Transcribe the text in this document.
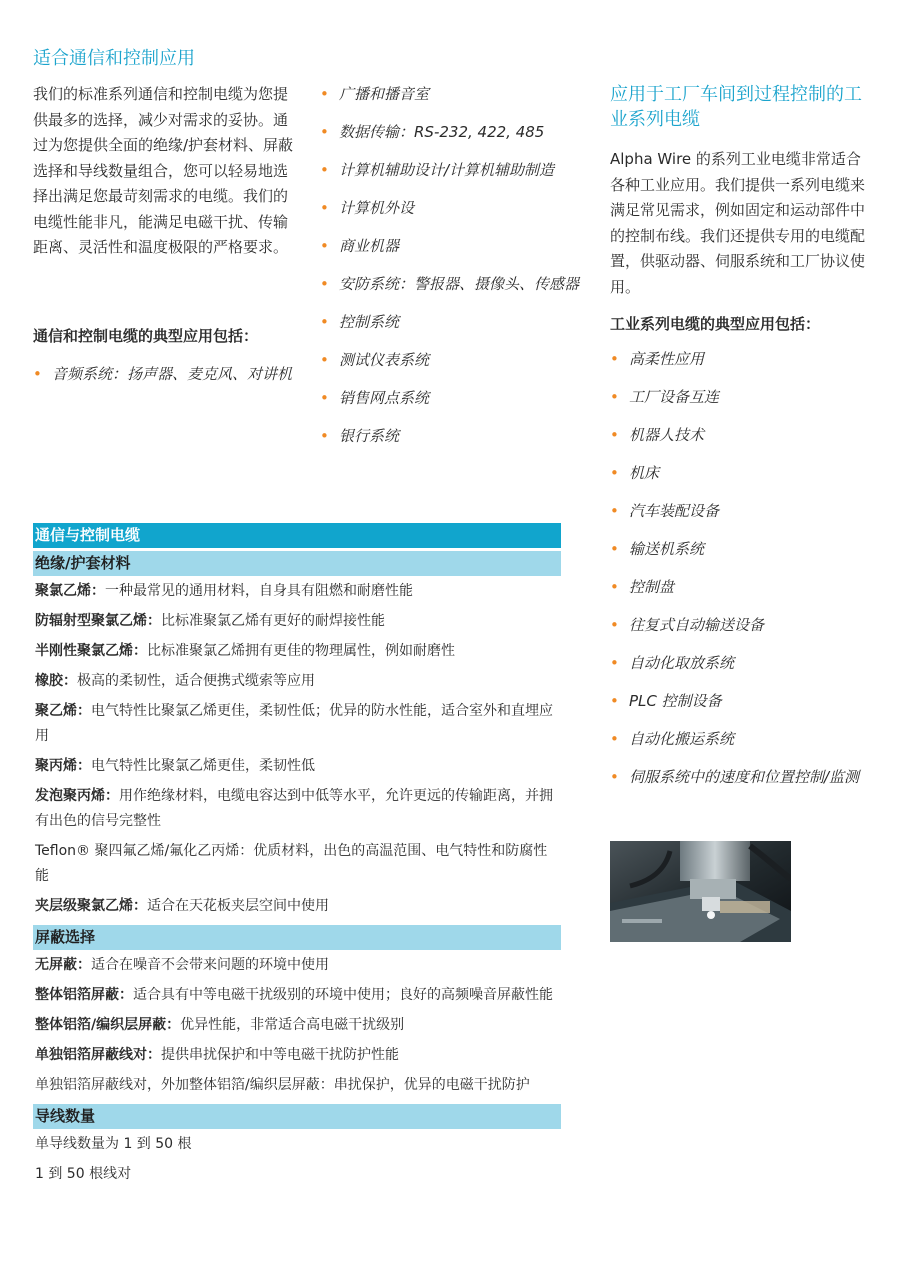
适合通信和控制应用
我们的标准系列通信和控制电缆为您提供最多的选择，减少对需求的妥协。通过为您提供全面的绝缘/护套材料、屏蔽选择和导线数量组合，您可以轻易地选择出满足您最苛刻需求的电缆。我们的电缆性能非凡，能满足电磁干扰、传输距离、灵活性和温度极限的严格要求。
通信和控制电缆的典型应用包括：
• 音频系统：扬声器、麦克风、对讲机
• 广播和播音室
• 数据传输：RS-232, 422, 485
• 计算机辅助设计/计算机辅助制造
• 计算机外设
• 商业机器
• 安防系统：警报器、摄像头、传感器
• 控制系统
• 测试仪表系统
• 销售网点系统
• 银行系统
应用于工厂车间到过程控制的工业系列电缆
Alpha Wire 的系列工业电缆非常适合各种工业应用。我们提供一系列电缆来满足常见需求，例如固定和运动部件中的控制布线。我们还提供专用的电缆配置，供驱动器、伺服系统和工厂协议使用。
工业系列电缆的典型应用包括：
• 高柔性应用
• 工厂设备互连
• 机器人技术
• 机床
• 汽车装配设备
• 输送机系统
• 控制盘
• 往复式自动输送设备
• 自动化取放系统
• PLC 控制设备
• 自动化搬运系统
• 伺服系统中的速度和位置控制/监测
通信与控制电缆
绝缘/护套材料
聚氯乙烯：一种最常见的通用材料，自身具有阻燃和耐磨性能
防辐射型聚氯乙烯：比标准聚氯乙烯有更好的耐焊接性能
半刚性聚氯乙烯：比标准聚氯乙烯拥有更佳的物理属性，例如耐磨性
橡胶：极高的柔韧性，适合便携式缆索等应用
聚乙烯：电气特性比聚氯乙烯更佳，柔韧性低；优异的防水性能，适合室外和直埋应用
聚丙烯：电气特性比聚氯乙烯更佳，柔韧性低
发泡聚丙烯：用作绝缘材料，电缆电容达到中低等水平，允许更远的传输距离，并拥有出色的信号完整性
Teflon® 聚四氟乙烯/氟化乙丙烯：优质材料，出色的高温范围、电气特性和防腐性能
夹层级聚氯乙烯：适合在天花板夹层空间中使用
屏蔽选择
无屏蔽：适合在噪音不会带来问题的环境中使用
整体铝箔屏蔽：适合具有中等电磁干扰级别的环境中使用；良好的高频噪音屏蔽性能
整体铝箔/编织层屏蔽：优异性能，非常适合高电磁干扰级别
单独铝箔屏蔽线对：提供串扰保护和中等电磁干扰防护性能
单独铝箔屏蔽线对，外加整体铝箔/编织层屏蔽：串扰保护，优异的电磁干扰防护
导线数量
单导线数量为 1 到 50 根
1 到 50 根线对
